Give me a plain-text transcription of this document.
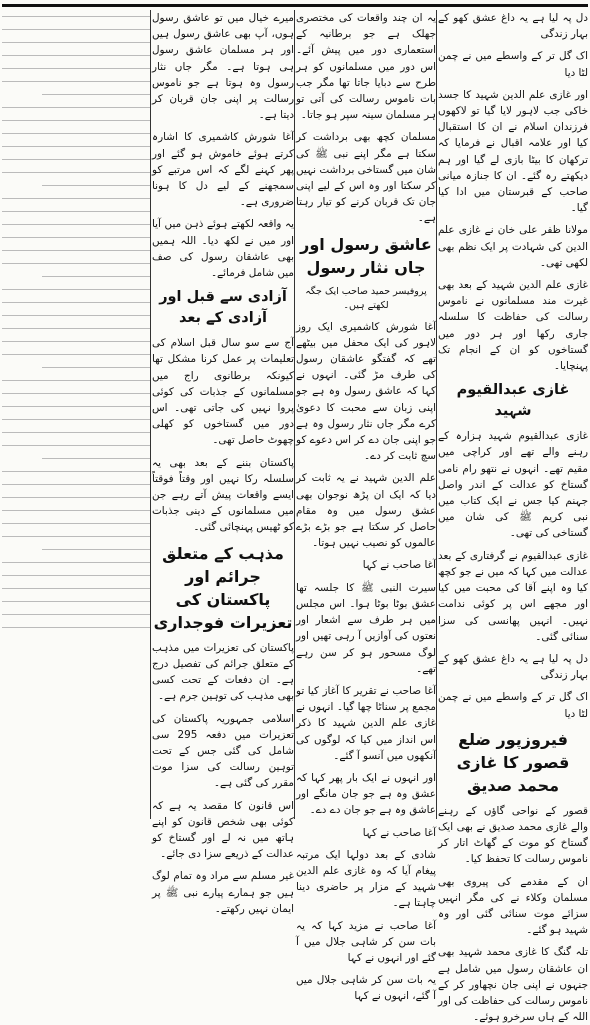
دل پہ لیا ہے یہ داغ عشق کھو کے بہار زندگی

اک گل تر کے واسطے میں نے چمن لٹا دیا

اور غازی علم الدین شہید کا جسد خاکی جب لاہور لایا گیا تو لاکھوں فرزندان اسلام نے ان کا استقبال کیا اور علامہ اقبال نے فرمایا کہ ترکھان کا بیٹا بازی لے گیا اور ہم دیکھتے رہ گئے۔ ان کا جنازہ میانی صاحب کے قبرستان میں ادا کیا گیا۔

مولانا ظفر علی خان نے غازی علم الدین کی شہادت پر ایک نظم بھی لکھی تھی۔

غازی علم الدین شہید کے بعد بھی غیرت مند مسلمانوں نے ناموس رسالت کی حفاظت کا سلسلہ جاری رکھا اور ہر دور میں گستاخوں کو ان کے انجام تک پہنچایا۔

غازی عبدالقیوم شہید

غازی عبدالقیوم شہید ہزارہ کے رہنے والے تھے اور کراچی میں مقیم تھے۔ انہوں نے نتھو رام نامی گستاخ کو عدالت کے اندر واصل جہنم کیا جس نے ایک کتاب میں نبی کریم ﷺ کی شان میں گستاخی کی تھی۔

غازی عبدالقیوم نے گرفتاری کے بعد عدالت میں کہا کہ میں نے جو کچھ کیا وہ اپنے آقا کی محبت میں کیا اور مجھے اس پر کوئی ندامت نہیں۔ انہیں پھانسی کی سزا سنائی گئی۔

دل پہ لیا ہے یہ داغ عشق کھو کے بہار زندگی

اک گل تر کے واسطے میں نے چمن لٹا دیا

فیروزپور ضلع قصور کا غازی محمد صدیق

قصور کے نواحی گاؤں کے رہنے والے غازی محمد صدیق نے بھی ایک گستاخ کو موت کے گھاٹ اتار کر ناموس رسالت کا تحفظ کیا۔

ان کے مقدمے کی پیروی بھی مسلمان وکلاء نے کی مگر انہیں سزائے موت سنائی گئی اور وہ شہید ہو گئے۔

تلہ گنگ کا غازی محمد شہید بھی ان عاشقان رسول میں شامل ہے جنہوں نے اپنی جان نچھاور کر کے ناموس رسالت کی حفاظت کی اور اللہ کے ہاں سرخرو ہوئے۔

یہ ان چند واقعات کی مختصری جھلک ہے جو برطانیہ کے استعماری دور میں پیش آئے۔ اس دور میں مسلمانوں کو ہر طرح سے دبایا جاتا تھا مگر جب بات ناموس رسالت کی آتی تو ہر مسلمان سینہ سپر ہو جاتا۔

مسلمان کچھ بھی برداشت کر سکتا ہے مگر اپنے نبی ﷺ کی شان میں گستاخی برداشت نہیں کر سکتا اور وہ اس کے لیے اپنی جان تک قربان کرنے کو تیار رہتا ہے۔

عاشق رسول اور جاں نثار رسول

پروفیسر حمید صاحب ایک جگہ لکھتے ہیں۔

آغا شورش کاشمیری ایک روز لاہور کی ایک محفل میں بیٹھے تھے کہ گفتگو عاشقان رسول کی طرف مڑ گئی۔ انہوں نے کہا کہ عاشق رسول وہ ہے جو اپنی زبان سے محبت کا دعویٰ کرے مگر جاں نثار رسول وہ ہے جو اپنی جان دے کر اس دعوے کو سچ ثابت کر دے۔

علم الدین شہید نے یہ ثابت کر دیا کہ ایک ان پڑھ نوجوان بھی عشق رسول میں وہ مقام حاصل کر سکتا ہے جو بڑے بڑے عالموں کو نصیب نہیں ہوتا۔

آغا صاحب نے کہا

سیرت النبی ﷺ کا جلسہ تھا عشق بوٹا بوٹا ہوا۔ اس مجلس میں ہر طرف سے اشعار اور نعتوں کی آوازیں آ رہی تھیں اور لوگ مسحور ہو کر سن رہے تھے۔

آغا صاحب نے تقریر کا آغاز کیا تو مجمع پر سناٹا چھا گیا۔ انہوں نے غازی علم الدین شہید کا ذکر اس انداز میں کیا کہ لوگوں کی آنکھوں میں آنسو آ گئے۔

اور انہوں نے ایک بار پھر کہا کہ عشق وہ ہے جو جان مانگے اور عاشق وہ ہے جو جان دے دے۔

آغا صاحب نے کہا

شادی کے بعد دولہا ایک مرتبہ پیغام آیا کہ وہ غازی علم الدین شہید کے مزار پر حاضری دینا چاہتا ہے۔

آغا صاحب نے مزید کہا کہ یہ بات سن کر شاہی جلال میں آ گئے اور انہوں نے کہا

یہ بات سن کر شاہی جلال میں آ گئے، انہوں نے کہا

میرے خیال میں تو عاشق رسول ہوں، آپ بھی عاشق رسول ہیں اور ہر مسلمان عاشق رسول ہی ہوتا ہے۔ مگر جاں نثار رسول وہ ہوتا ہے جو ناموس رسالت پر اپنی جان قربان کر دیتا ہے۔

آغا شورش کاشمیری کا اشارہ کرتے ہوئے خاموش ہو گئے اور پھر کہنے لگے کہ اس مرتبے کو سمجھنے کے لیے دل کا ہونا ضروری ہے۔

یہ واقعہ لکھتے ہوئے ذہن میں آیا اور میں نے لکھ دیا۔ اللہ ہمیں بھی عاشقان رسول کی صف میں شامل فرمائے۔

آزادی سے قبل اور آزادی کے بعد

آج سے سو سال قبل اسلام کی تعلیمات پر عمل کرنا مشکل تھا کیونکہ برطانوی راج میں مسلمانوں کے جذبات کی کوئی پروا نہیں کی جاتی تھی۔ اس دور میں گستاخوں کو کھلی چھوٹ حاصل تھی۔

پاکستان بننے کے بعد بھی یہ سلسلہ رکا نہیں اور وقتاً فوقتاً ایسے واقعات پیش آتے رہے جن میں مسلمانوں کے دینی جذبات کو ٹھیس پہنچائی گئی۔

مذہب کے متعلق جرائم اور پاکستان کی تعزیرات فوجداری

پاکستان کی تعزیرات میں مذہب کے متعلق جرائم کی تفصیل درج ہے۔ ان دفعات کے تحت کسی بھی مذہب کی توہین جرم ہے۔

اسلامی جمہوریہ پاکستان کی تعزیرات میں دفعہ 295 سی شامل کی گئی جس کے تحت توہین رسالت کی سزا موت مقرر کی گئی ہے۔

اس قانون کا مقصد یہ ہے کہ کوئی بھی شخص قانون کو اپنے ہاتھ میں نہ لے اور گستاخ کو عدالت کے ذریعے سزا دی جائے۔

غیر مسلم سے مراد وہ تمام لوگ ہیں جو ہمارے پیارے نبی ﷺ پر ایمان نہیں رکھتے۔
